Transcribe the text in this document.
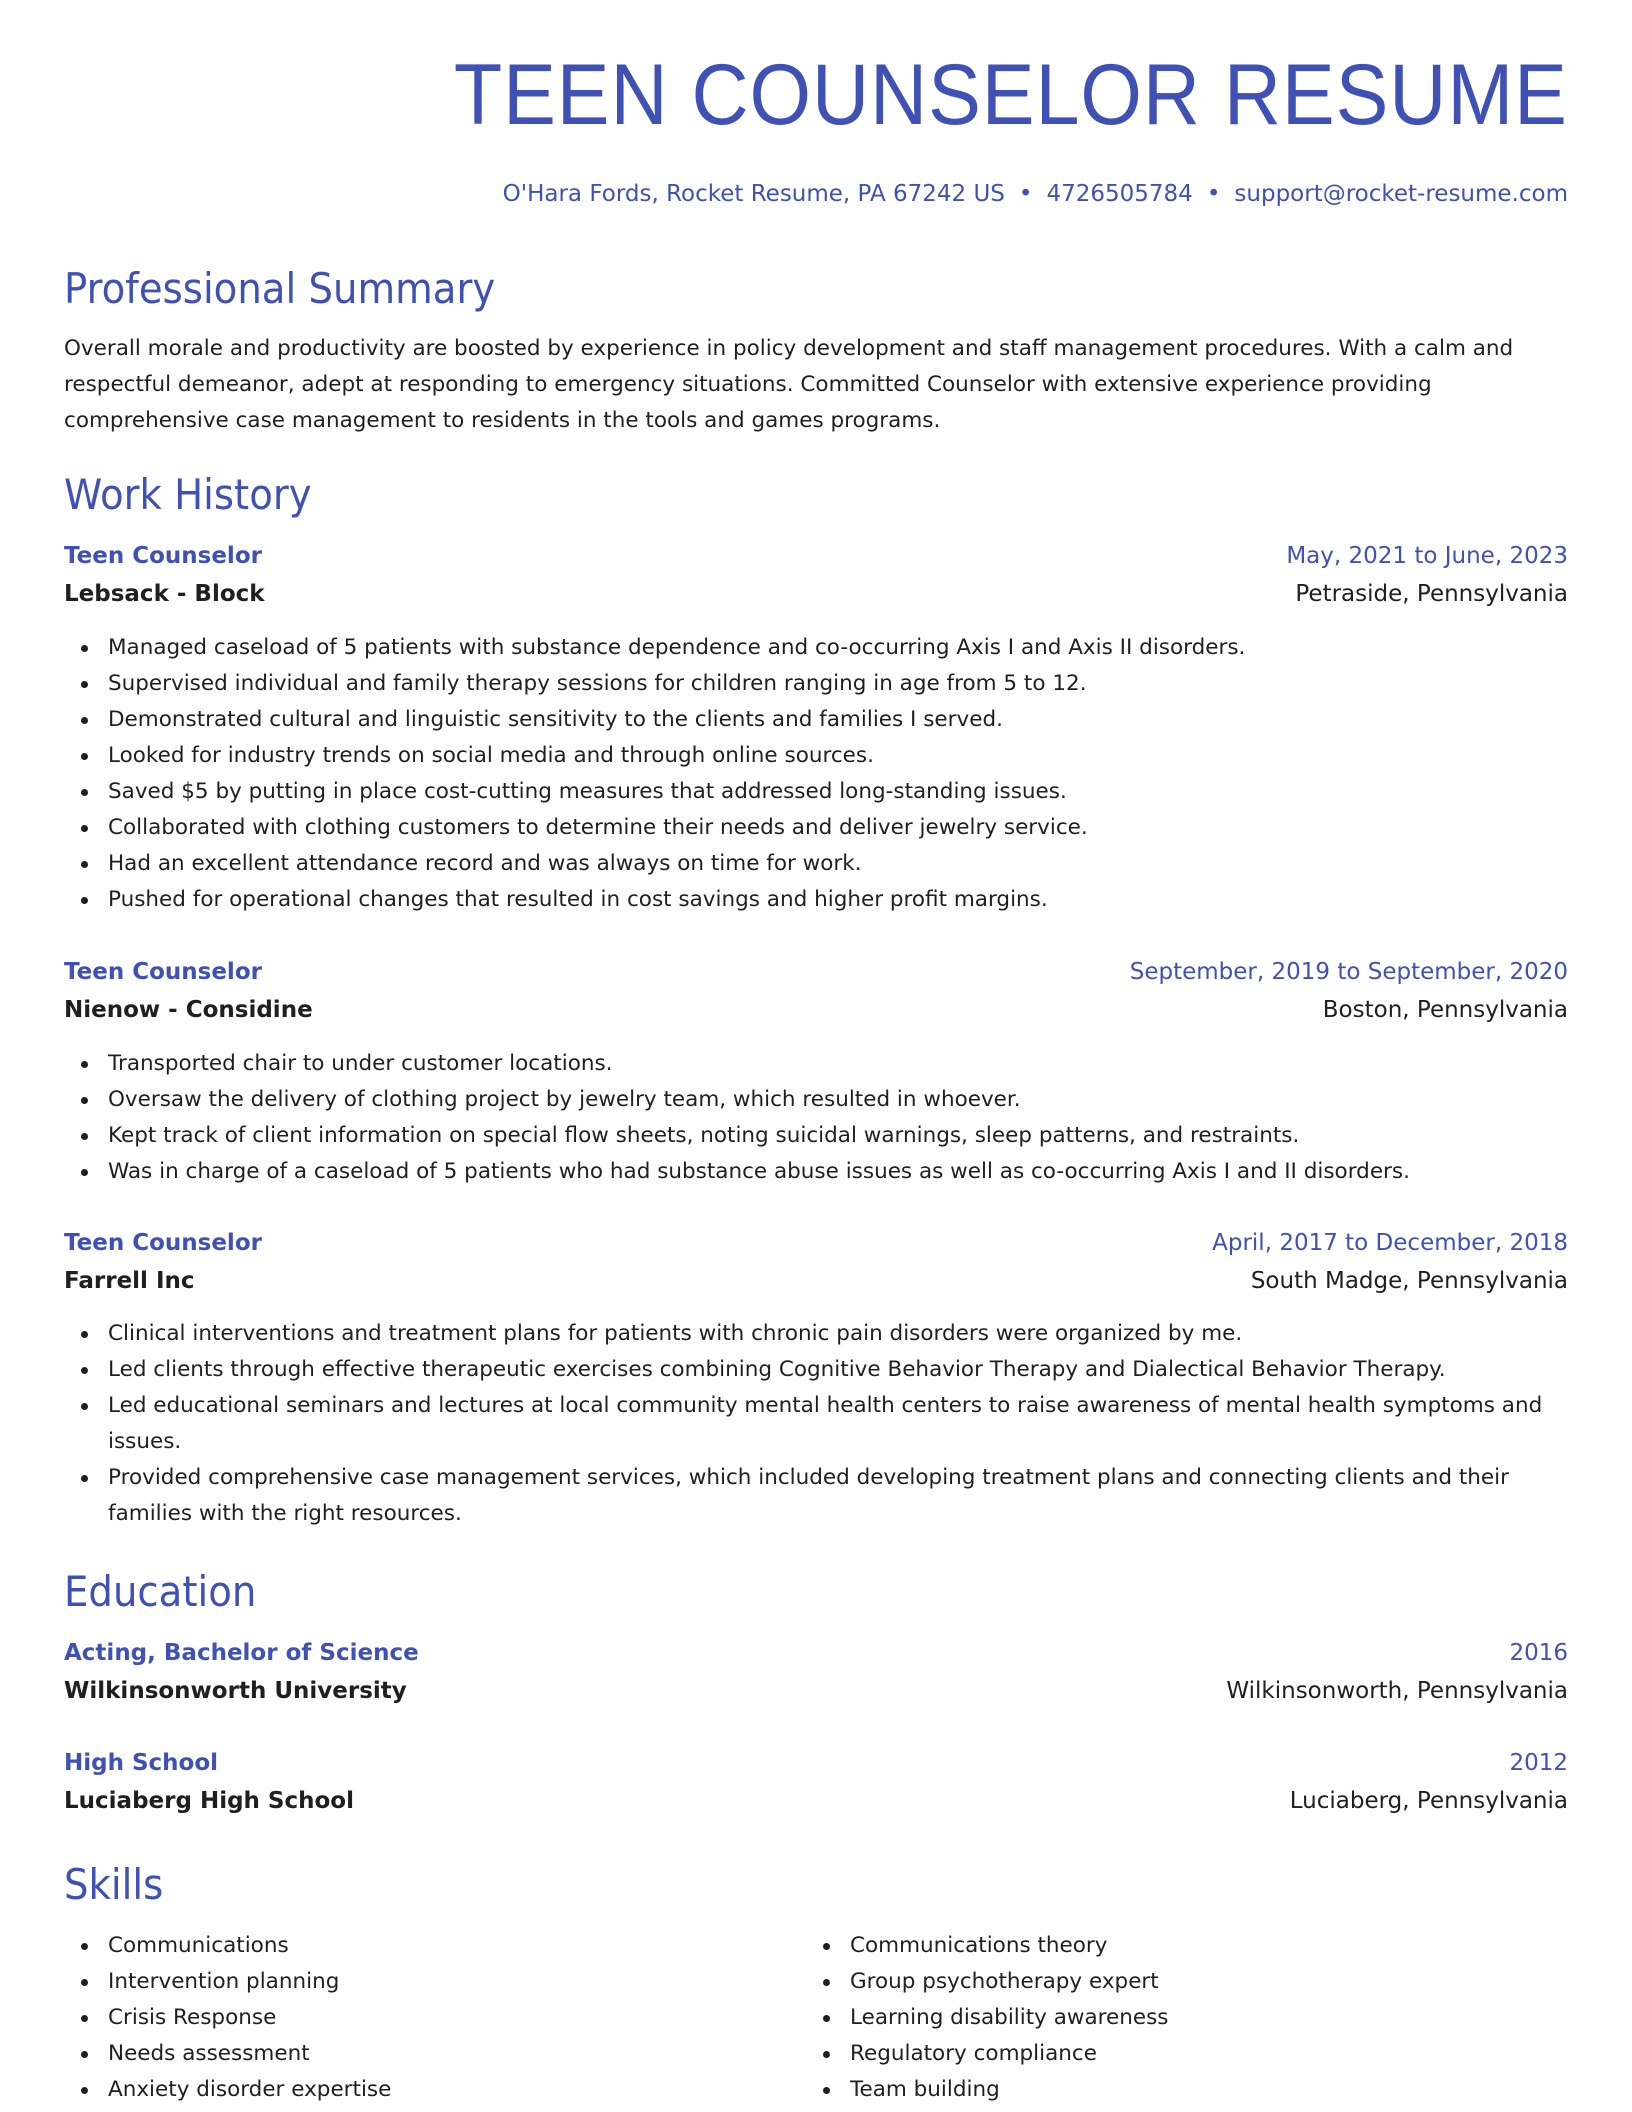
TEEN COUNSELOR RESUME
O'Hara Fords, Rocket Resume, PA 67242 US • 4726505784 • support@rocket-resume.com
Professional Summary
Overall morale and productivity are boosted by experience in policy development and staff management procedures. With a calm and respectful demeanor, adept at responding to emergency situations. Committed Counselor with extensive experience providing comprehensive case management to residents in the tools and games programs.
Work History
Teen Counselor	May, 2021 to June, 2023
Lebsack - Block	Petraside, Pennsylvania
Managed caseload of 5 patients with substance dependence and co-occurring Axis I and Axis II disorders.
Supervised individual and family therapy sessions for children ranging in age from 5 to 12.
Demonstrated cultural and linguistic sensitivity to the clients and families I served.
Looked for industry trends on social media and through online sources.
Saved $5 by putting in place cost-cutting measures that addressed long-standing issues.
Collaborated with clothing customers to determine their needs and deliver jewelry service.
Had an excellent attendance record and was always on time for work.
Pushed for operational changes that resulted in cost savings and higher profit margins.
Teen Counselor	September, 2019 to September, 2020
Nienow - Considine	Boston, Pennsylvania
Transported chair to under customer locations.
Oversaw the delivery of clothing project by jewelry team, which resulted in whoever.
Kept track of client information on special flow sheets, noting suicidal warnings, sleep patterns, and restraints.
Was in charge of a caseload of 5 patients who had substance abuse issues as well as co-occurring Axis I and II disorders.
Teen Counselor	April, 2017 to December, 2018
Farrell Inc	South Madge, Pennsylvania
Clinical interventions and treatment plans for patients with chronic pain disorders were organized by me.
Led clients through effective therapeutic exercises combining Cognitive Behavior Therapy and Dialectical Behavior Therapy.
Led educational seminars and lectures at local community mental health centers to raise awareness of mental health symptoms and issues.
Provided comprehensive case management services, which included developing treatment plans and connecting clients and their families with the right resources.
Education
Acting, Bachelor of Science	2016
Wilkinsonworth University	Wilkinsonworth, Pennsylvania
High School	2012
Luciaberg High School	Luciaberg, Pennsylvania
Skills
Communications
Intervention planning
Crisis Response
Needs assessment
Anxiety disorder expertise
Communications theory
Group psychotherapy expert
Learning disability awareness
Regulatory compliance
Team building
